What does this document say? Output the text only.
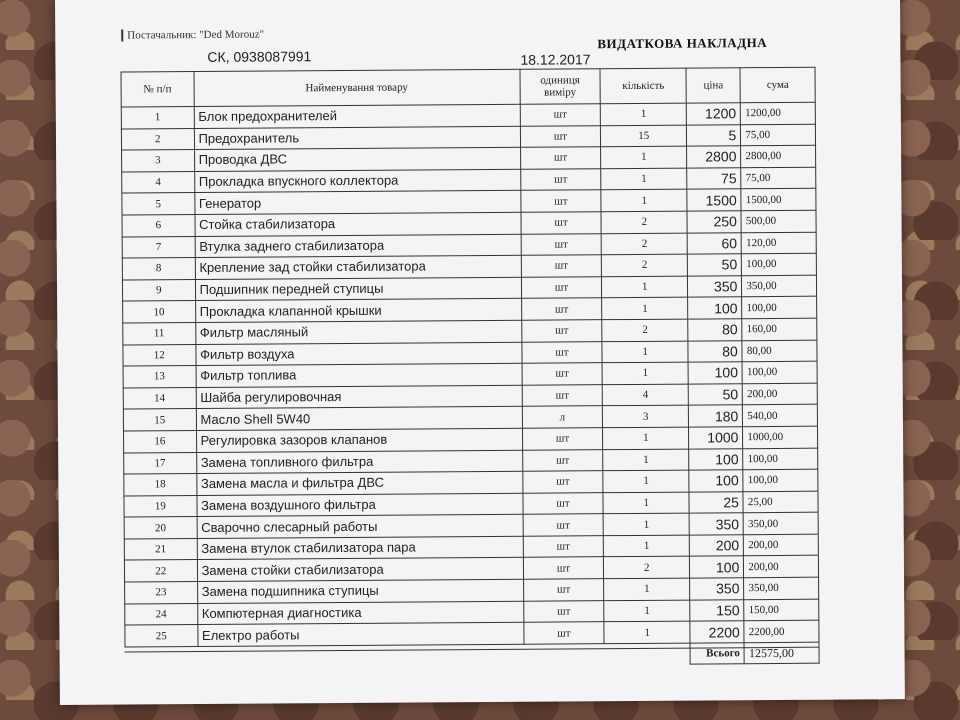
Постачальник: "Ded Morouz"
СК, 0938087991
ВИДАТКОВА НАКЛАДНА
18.12.2017
№ п/п	Найменування товару	одиниця виміру	кількість	ціна	сума
1	Блок предохранителей	шт	1	1200	1200,00
2	Предохранитель	шт	15	5	75,00
3	Проводка ДВС	шт	1	2800	2800,00
4	Прокладка впускного коллектора	шт	1	75	75,00
5	Генератор	шт	1	1500	1500,00
6	Стойка стабилизатора	шт	2	250	500,00
7	Втулка заднего стабилизатора	шт	2	60	120,00
8	Крепление зад стойки стабилизатора	шт	2	50	100,00
9	Подшипник передней ступицы	шт	1	350	350,00
10	Прокладка клапанной крышки	шт	1	100	100,00
11	Фильтр масляный	шт	2	80	160,00
12	Фильтр воздуха	шт	1	80	80,00
13	Фильтр топлива	шт	1	100	100,00
14	Шайба регулировочная	шт	4	50	200,00
15	Масло Shell 5W40	л	3	180	540,00
16	Регулировка зазоров клапанов	шт	1	1000	1000,00
17	Замена топливного фильтра	шт	1	100	100,00
18	Замена масла и фильтра ДВС	шт	1	100	100,00
19	Замена воздушного фильтра	шт	1	25	25,00
20	Сварочно слесарный работы	шт	1	350	350,00
21	Замена втулок стабилизатора пара	шт	1	200	200,00
22	Замена стойки стабилизатора	шт	2	100	200,00
23	Замена подшипника ступицы	шт	1	350	350,00
24	Компютерная диагностика	шт	1	150	150,00
25	Електро работы	шт	1	2200	2200,00
				Всього	12575,00
